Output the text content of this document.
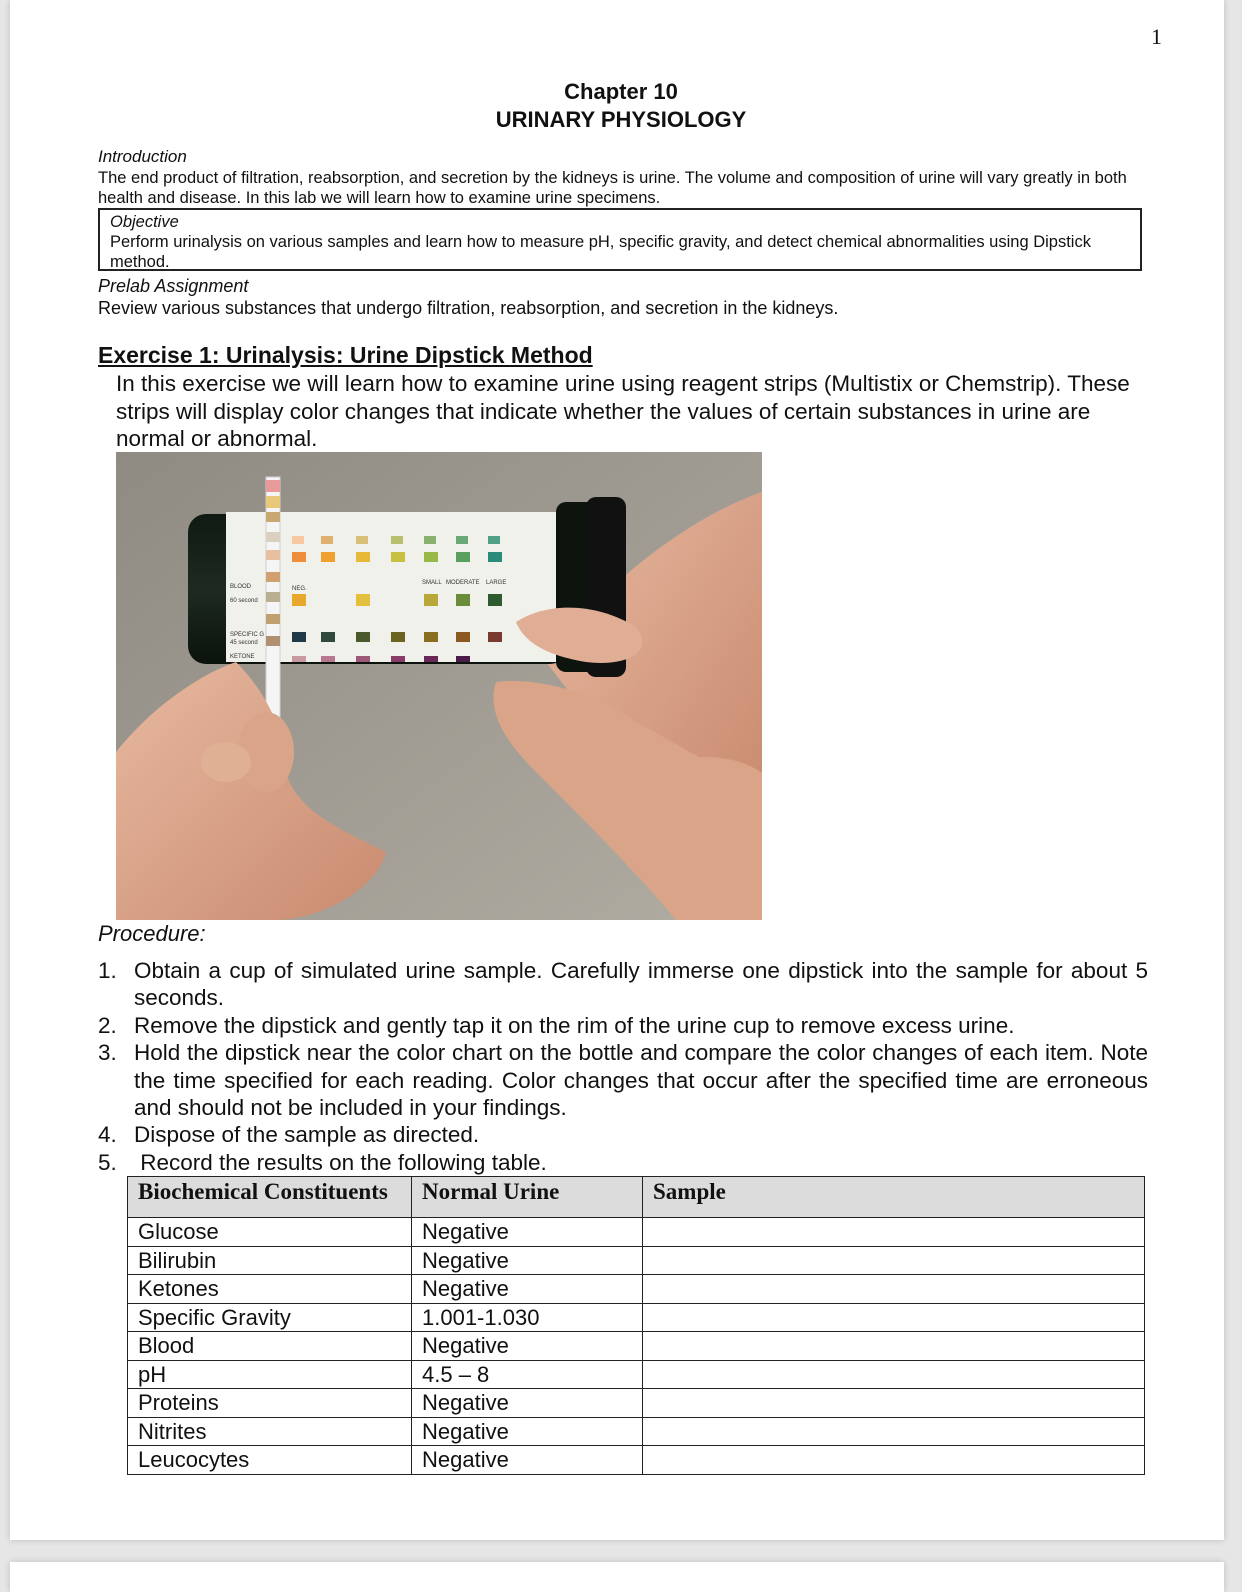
1
Chapter 10
URINARY PHYSIOLOGY
Introduction
The end product of filtration, reabsorption, and secretion by the kidneys is urine. The volume and composition of urine will vary greatly in both health and disease. In this lab we will learn how to examine urine specimens.
Objective
Perform urinalysis on various samples and learn how to measure pH, specific gravity, and detect chemical abnormalities using Dipstick method.
Prelab Assignment
Review various substances that undergo filtration, reabsorption, and secretion in the kidneys.
Exercise 1: Urinalysis: Urine Dipstick Method
In this exercise we will learn how to examine urine using reagent strips (Multistix or Chemstrip). These strips will display color changes that indicate whether the values of certain substances in urine are normal or abnormal.
NEG.
SMALL MODERATE LARGE
BLOOD
60 second
SPECIFIC G
45 second
KETONE
Procedure:
1. Obtain a cup of simulated urine sample. Carefully immerse one dipstick into the sample for about 5 seconds.
2. Remove the dipstick and gently tap it on the rim of the urine cup to remove excess urine.
3. Hold the dipstick near the color chart on the bottle and compare the color changes of each item. Note the time specified for each reading. Color changes that occur after the specified time are erroneous and should not be included in your findings.
4. Dispose of the sample as directed.
5. Record the results on the following table.
Biochemical Constituents	Normal Urine	Sample
Glucose	Negative	
Bilirubin	Negative	
Ketones	Negative	
Specific Gravity	1.001-1.030	
Blood	Negative	
pH	4.5 – 8	
Proteins	Negative	
Nitrites	Negative	
Leucocytes	Negative	
